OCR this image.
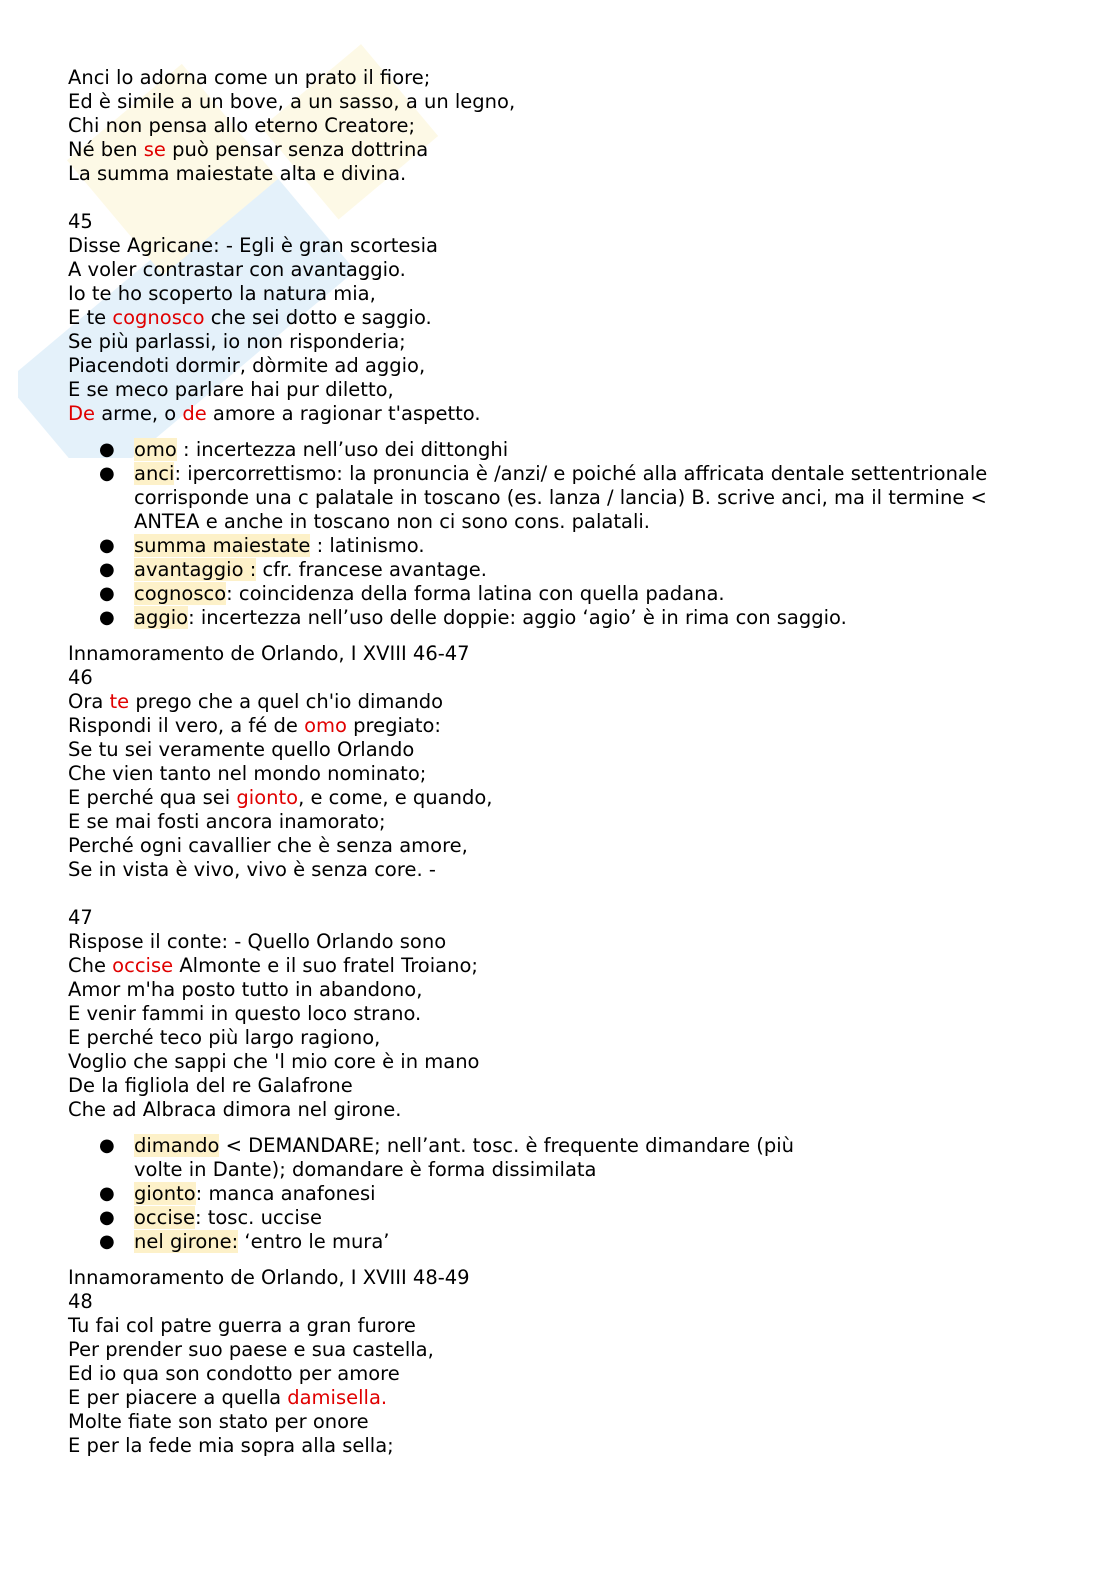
Anci lo adorna come un prato il fiore;
Ed è simile a un bove, a un sasso, a un legno,
Chi non pensa allo eterno Creatore;
Né ben se può pensar senza dottrina
La summa maiestate alta e divina.
45
Disse Agricane: - Egli è gran scortesia
A voler contrastar con avantaggio.
Io te ho scoperto la natura mia,
E te cognosco che sei dotto e saggio.
Se più parlassi, io non risponderia;
Piacendoti dormir, dòrmite ad aggio,
E se meco parlare hai pur diletto,
De arme, o de amore a ragionar t'aspetto.
● omo : incertezza nell’uso dei dittonghi
● anci: ipercorrettismo: la pronuncia è /anzi/ e poiché alla affricata dentale settentrionale corrisponde una c palatale in toscano (es. lanza / lancia) B. scrive anci, ma il termine < ANTEA e anche in toscano non ci sono cons. palatali.
● summa maiestate : latinismo.
● avantaggio : cfr. francese avantage.
● cognosco: coincidenza della forma latina con quella padana.
● aggio: incertezza nell’uso delle doppie: aggio ‘agio’ è in rima con saggio.
Innamoramento de Orlando, I XVIII 46-47
46
Ora te prego che a quel ch'io dimando
Rispondi il vero, a fé de omo pregiato:
Se tu sei veramente quello Orlando
Che vien tanto nel mondo nominato;
E perché qua sei gionto, e come, e quando,
E se mai fosti ancora inamorato;
Perché ogni cavallier che è senza amore,
Se in vista è vivo, vivo è senza core. -
47
Rispose il conte: - Quello Orlando sono
Che occise Almonte e il suo fratel Troiano;
Amor m'ha posto tutto in abandono,
E venir fammi in questo loco strano.
E perché teco più largo ragiono,
Voglio che sappi che 'l mio core è in mano
De la figliola del re Galafrone
Che ad Albraca dimora nel girone.
● dimando < DEMANDARE; nell’ant. tosc. è frequente dimandare (più
volte in Dante); domandare è forma dissimilata
● gionto: manca anafonesi
● occise: tosc. uccise
● nel girone: ‘entro le mura’
Innamoramento de Orlando, I XVIII 48-49
48
Tu fai col patre guerra a gran furore
Per prender suo paese e sua castella,
Ed io qua son condotto per amore
E per piacere a quella damisella.
Molte fiate son stato per onore
E per la fede mia sopra alla sella;
